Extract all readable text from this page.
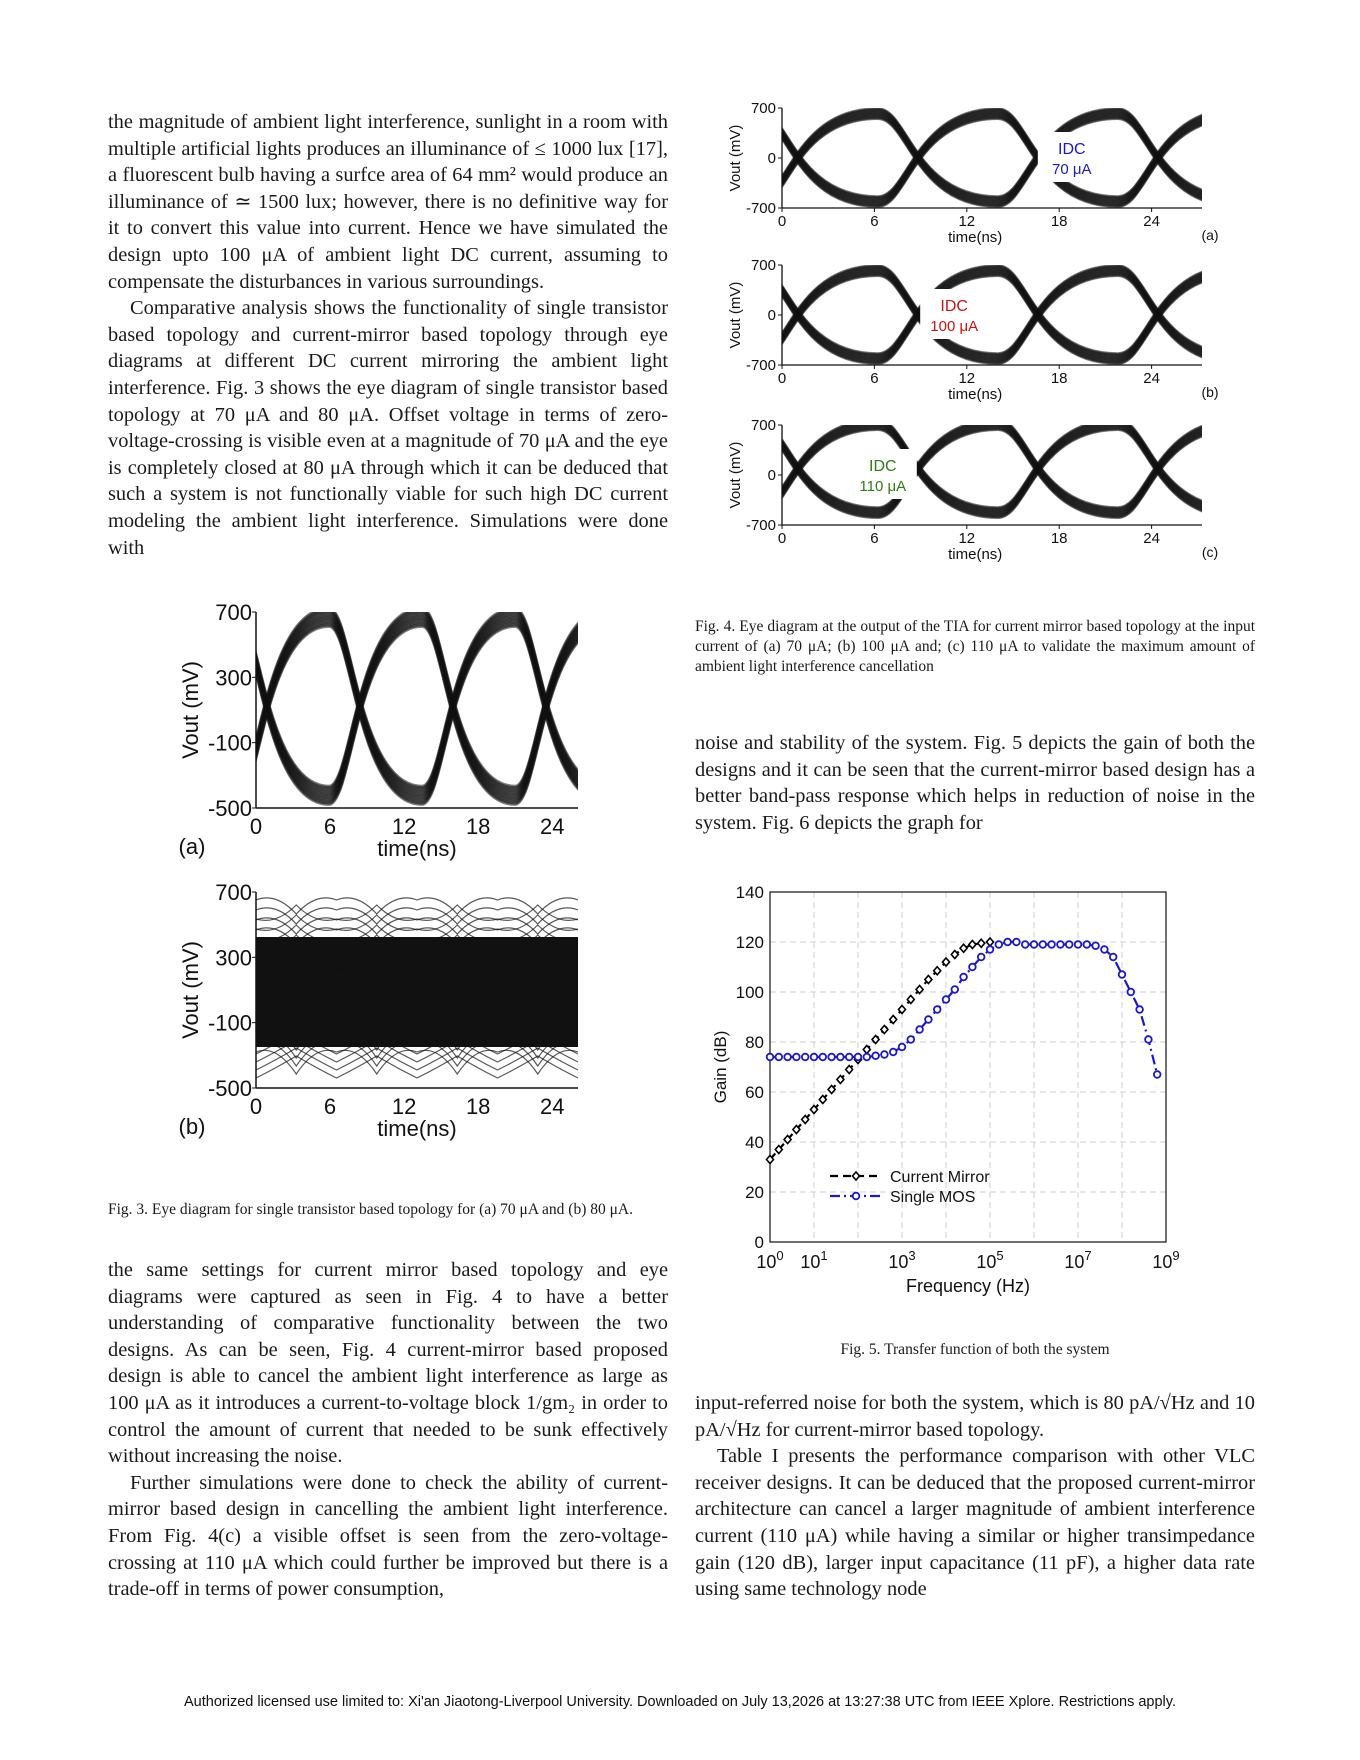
the magnitude of ambient light interference, sunlight in a room with multiple artificial lights produces an illuminance of ≤ 1000 lux [17], a fluorescent bulb having a surfce area of 64 mm² would produce an illuminance of ≃ 1500 lux; however, there is no definitive way for it to convert this value into current. Hence we have simulated the design upto 100 μA of ambient light DC current, assuming to compensate the disturbances in various surroundings.

Comparative analysis shows the functionality of single transistor based topology and current-mirror based topology through eye diagrams at different DC current mirroring the ambient light interference. Fig. 3 shows the eye diagram of single transistor based topology at 70 μA and 80 μA. Offset voltage in terms of zero-voltage-crossing is visible even at a magnitude of 70 μA and the eye is completely closed at 80 μA through which it can be deduced that such a system is not functionally viable for such high DC current modeling the ambient light interference. Simulations were done with

700
300
-100
-500
0	6	12 18 24
time(ns)
(a)
Vout (mV)
700
300
-100
-500
0	6	12 18 24
time(ns)
(b)
Vout (mV)
Fig. 3. Eye diagram for single transistor based topology for (a) 70 μA and (b) 80 μA.

the same settings for current mirror based topology and eye diagrams were captured as seen in Fig. 4 to have a better understanding of comparative functionality between the two designs. As can be seen, Fig. 4 current-mirror based proposed design is able to cancel the ambient light interference as large as 100 μA as it introduces a current-to-voltage block 1/gm₂ in order to control the amount of current that needed to be sunk effectively without increasing the noise.

Further simulations were done to check the ability of current-mirror based design in cancelling the ambient light interference. From Fig. 4(c) a visible offset is seen from the zero-voltage-crossing at 110 μA which could further be improved but there is a trade-off in terms of power consumption,

700
0
-700
0	6	12	18	24
time(ns)	(a)
Vout (mV)	IDC
70 μA
700
0
-700
0	6	12	18	24
time(ns)	(b)
Vout (mV)	IDC
100 μA
700
0
-700
0	6	12	18	24
time(ns)	(c)
Vout (mV)	IDC
110 μA
Fig. 4. Eye diagram at the output of the TIA for current mirror based topology at the input current of (a) 70 μA; (b) 100 μA and; (c) 110 μA to validate the maximum amount of ambient light interference cancellation

noise and stability of the system. Fig. 5 depicts the gain of both the designs and it can be seen that the current-mirror based design has a better band-pass response which helps in reduction of noise in the system. Fig. 6 depicts the graph for

0
20
40
60
80
100
120
140
$10^0$ $10^1$	$10^3$	$10^5$	$10^7$	$10^9$
Frequency (Hz)
Gain (dB)
Current Mirror
Single MOS
Fig. 5. Transfer function of both the system

input-referred noise for both the system, which is 80 pA/√Hz and 10 pA/√Hz for current-mirror based topology.

Table I presents the performance comparison with other VLC receiver designs. It can be deduced that the proposed current-mirror architecture can cancel a larger magnitude of ambient interference current (110 μA) while having a similar or higher transimpedance gain (120 dB), larger input capacitance (11 pF), a higher data rate using same technology node

Authorized licensed use limited to: Xi'an Jiaotong-Liverpool University. Downloaded on July 13,2026 at 13:27:38 UTC from IEEE Xplore. Restrictions apply.
